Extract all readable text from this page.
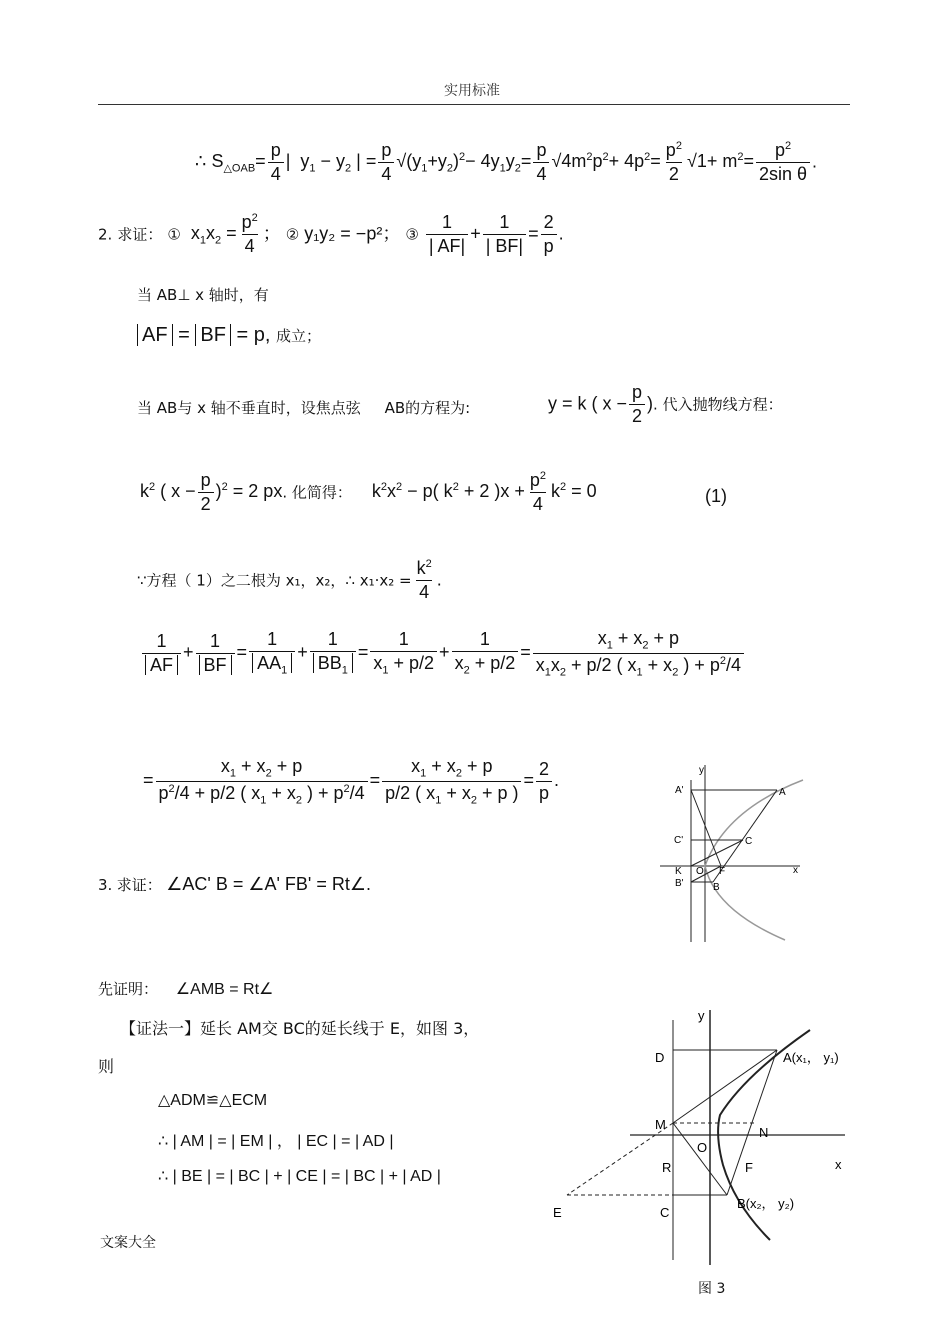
实用标准
∴ $S_{\triangle OAB}= \frac{p}{4}$ |  $y_1 - y_2$ | = $\frac{p}{4} √(y_1+y_2)^2- 4y_1y_2= \frac{p}{4} √4m^2p^2+ 4p^2= \frac{p^2}{2} √1+ m^2= \frac{p^2}{\text{2sin θ}}$ .
2. 求证： ①  $x_1x_2 = \frac{p^2}{4}$ ； ② y₁y₂ = −p²； ③ $\frac{1}{| AF|} + \frac{1}{| BF|} = \frac{2}{p}$ .
当 AB⊥ x 轴时，有
AF = BF = p, 成立；
当 AB与 x 轴不垂直时，设焦点弦 AB的方程为:	y = k ( $x - \frac{p}{2}$ ). 代入抛物线方程：
$k^2$ ( $x - \frac{p}{2} )^2 = 2$ px. 化简得：    $k^2x^2 - p$( $k^2 + 2$ )$x + \frac{p^2}{4} k^2 = 0$	(1)
∵方程（ 1）之二根为 x₁，x₂，∴ $x_1\cdot x_2 = \frac{k^2}{4}$ .
$\frac{1}{AF} + \frac{1}{BF} = \frac{1}{AA_1} + \frac{1}{BB_1} = \frac{1}{x_1 + p/2} + \frac{1}{x_2 + p/2} = \frac{x_1 + x_2 + p}{x_1x_2 + p/2 ( x_1 + x_2 ) + p^2/4}$
= $\frac{x_1 + x_2 + p}{p^2/4 + p/2 ( x_1 + x_2 ) + p^2/4} = \frac{x_1 + x_2 + p}{p/2 ( x_1 + x_2 + p )} = \frac{2}{p}$ .	y
x
A'	A
C'	C
K O F
B'	B
3. 求证： ∠AC' B = ∠A' FB' = Rt∠.
先证明： ∠AMB = Rt∠
【证法一】延长 AM交 BC的延长线于 E，如图 3，
则
△ADM≌△ECM
∴ | AM | = | EM | ， | EC | = | AD |
∴ | BE | = | BC | + | CE | = | BC | + | AD |
y
x
D	A(x₁， y₁)
M
N
O
R	F
E	C
B(x₂， y₂)
图 3
文案大全
